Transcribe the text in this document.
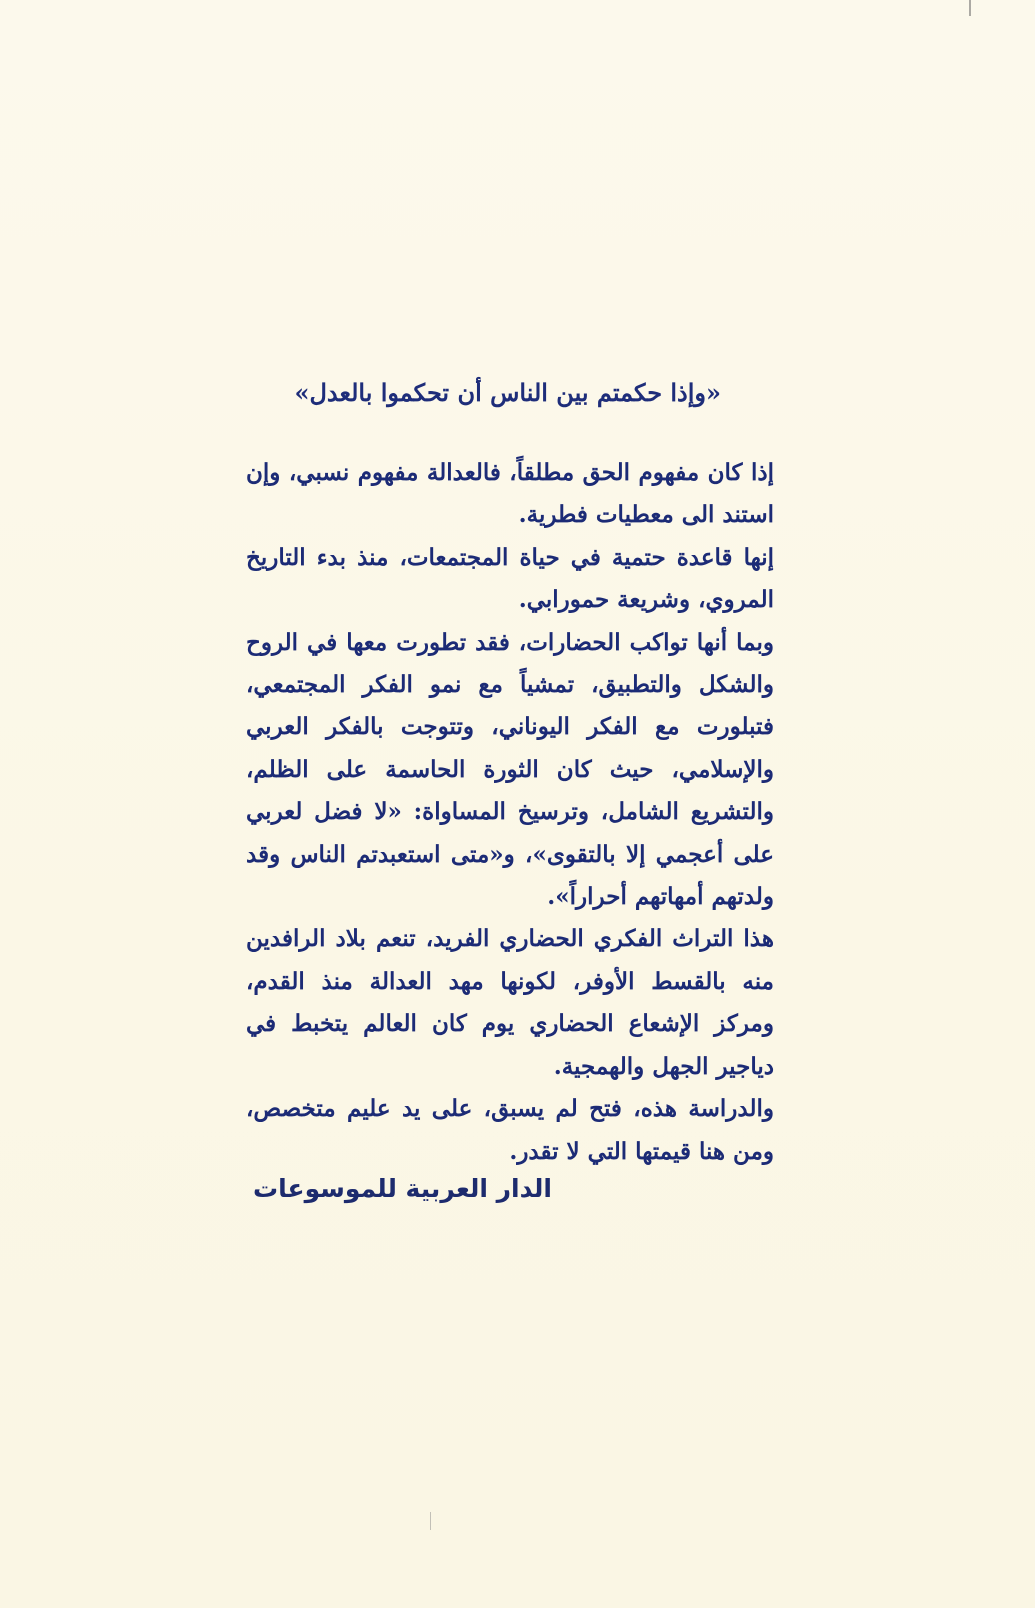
«وإذا حكمتم بين الناس أن تحكموا بالعدل»

إذا كان مفهوم الحق مطلقاً، فالعدالة مفهوم نسبي، وإن استند الى معطيات فطرية.

إنها قاعدة حتمية في حياة المجتمعات، منذ بدء التاريخ المروي، وشريعة حمورابي.

وبما أنها تواكب الحضارات، فقد تطورت معها في الروح والشكل والتطبيق، تمشياً مع نمو الفكر المجتمعي، فتبلورت مع الفكر اليوناني، وتتوجت بالفكر العربي والإسلامي، حيث كان الثورة الحاسمة على الظلم، والتشريع الشامل، وترسيخ المساواة: «لا فضل لعربي على أعجمي إلا بالتقوى»، و«متى استعبدتم الناس وقد ولدتهم أمهاتهم أحراراً».

هذا التراث الفكري الحضاري الفريد، تنعم بلاد الرافدين منه بالقسط الأوفر، لكونها مهد العدالة منذ القدم، ومركز الإشعاع الحضاري يوم كان العالم يتخبط في دياجير الجهل والهمجية.

والدراسة هذه، فتح لم يسبق، على يد عليم متخصص، ومن هنا قيمتها التي لا تقدر.

الدار العربية للموسوعات
